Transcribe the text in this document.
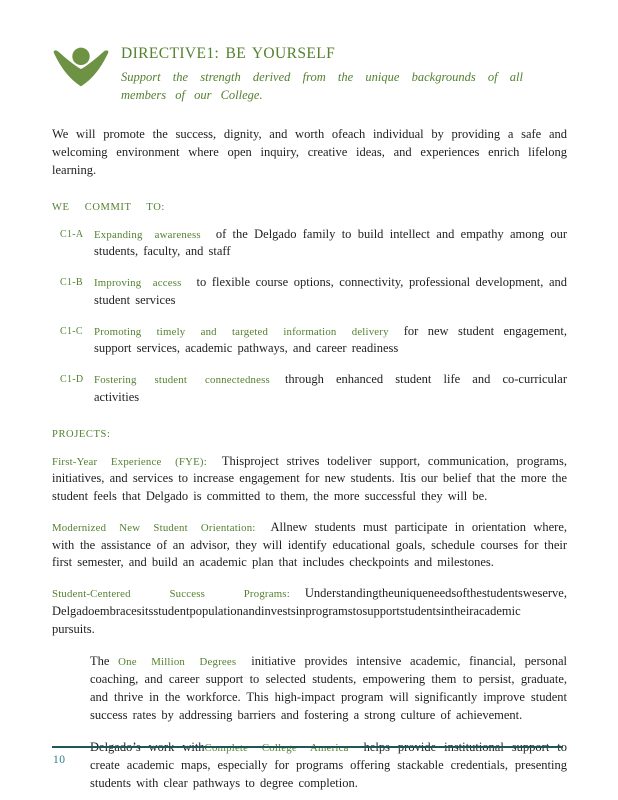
DIRECTIVE1: BE YOURSELF
Support the strength derived from the unique backgrounds of all members of our College.
We will promote the success, dignity, and worth ofeach individual by providing a safe and welcoming environment where open inquiry, creative ideas, and experiences enrich lifelong learning.
WE COMMIT TO:
C1-A Expanding awareness of the Delgado family to build intellect and empathy among our students, faculty, and staff
C1-B	Improving access to flexible course options, connectivity, professional development, and student services
C1-C	Promoting timely and targeted information delivery for new student engagement, support services, academic pathways, and career readiness
C1-D Fostering student connectedness through enhanced student life and co-curricular activities
PROJECTS:
First-Year Experience (FYE): Thisproject strives todeliver support, communication, programs, initiatives, and services to increase engagement for new students. Itis our belief that the more the student feels that Delgado is committed to them, the more successful they will be.
Modernized New Student Orientation: Allnew students must participate in orientation where, with the assistance of an advisor, they will identify educational goals, schedule courses for their first semester, and build an academic plan that includes checkpoints and milestones.
Student-Centered Success Programs: Understandingtheuniqueneedsofthestudentsweserve, Delgadoembracesitsstudentpopulationandinvestsinprogramstosupportstudentsintheiracademic pursuits.
The One Million Degrees initiative provides intensive academic, financial, personal coaching, and career support to selected students, empowering them to persist, graduate, and thrive in the workforce. This high-impact program will significantly improve student success rates by addressing barriers and fostering a strong culture of achievement.
Delgado’s work withComplete College America helps provide institutional support to create academic maps, especially for programs offering stackable credentials, presenting students with clear pathways to degree completion.
10
